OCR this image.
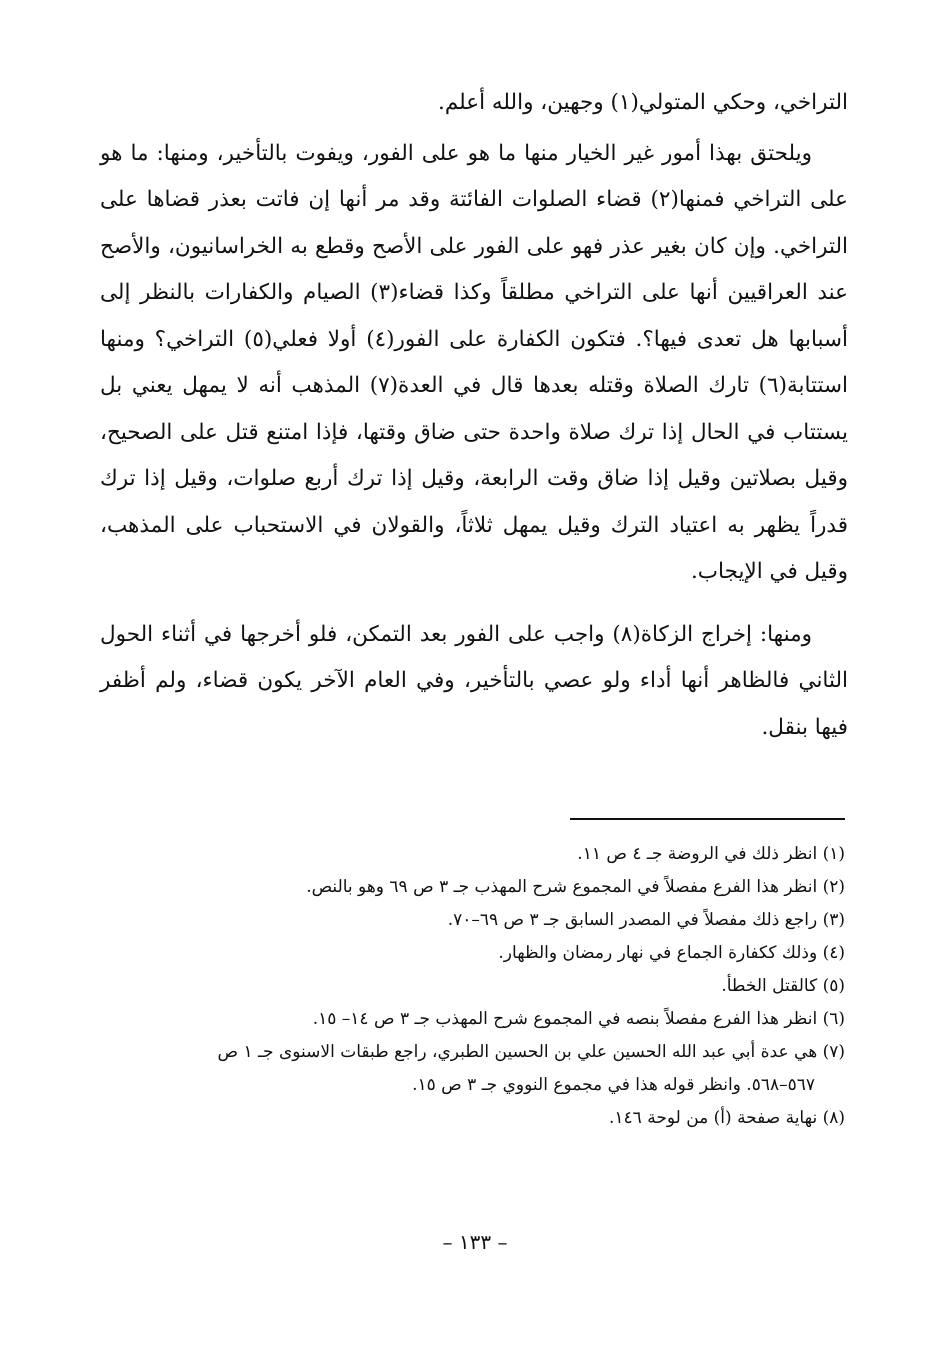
التراخي، وحكي المتولي(١) وجهين، والله أعلم.

ويلحتق بهذا أمور غير الخيار منها ما هو على الفور، ويفوت بالتأخير، ومنها: ما هو على التراخي فمنها(٢) قضاء الصلوات الفائتة وقد مر أنها إن فاتت بعذر قضاها على التراخي. وإن كان بغير عذر فهو على الفور على الأصح وقطع به الخراسانيون، والأصح عند العراقيين أنها على التراخي مطلقاً وكذا قضاء(٣) الصيام والكفارات بالنظر إلى أسبابها هل تعدى فيها؟. فتكون الكفارة على الفور(٤) أولا فعلي(٥) التراخي؟ ومنها استتابة(٦) تارك الصلاة وقتله بعدها قال في العدة(٧) المذهب أنه لا يمهل يعني بل يستتاب في الحال إذا ترك صلاة واحدة حتى ضاق وقتها، فإذا امتنع قتل على الصحيح، وقيل بصلاتين وقيل إذا ضاق وقت الرابعة، وقيل إذا ترك أربع صلوات، وقيل إذا ترك قدراً يظهر به اعتياد الترك وقيل يمهل ثلاثاً، والقولان في الاستحباب على المذهب، وقيل في الإيجاب.

ومنها: إخراج الزكاة(٨) واجب على الفور بعد التمكن، فلو أخرجها في أثناء الحول الثاني فالظاهر أنها أداء ولو عصي بالتأخير، وفي العام الآخر يكون قضاء، ولم أظفر فيها بنقل.

(١) انظر ذلك في الروضة جـ ٤ ص ١١.

(٢) انظر هذا الفرع مفصلاً في المجموع شرح المهذب جـ ٣ ص ٦٩ وهو بالنص.

(٣) راجع ذلك مفصلاً في المصدر السابق جـ ٣ ص ٦٩–٧٠.

(٤) وذلك ككفارة الجماع في نهار رمضان والظهار.

(٥) كالقتل الخطأ.

(٦) انظر هذا الفرع مفصلاً بنصه في المجموع شرح المهذب جـ ٣ ص ١٤– ١٥.

(٧) هي عدة أبي عبد الله الحسين علي بن الحسين الطبري، راجع طبقات الاسنوى جـ ١ ص

٥٦٧–٥٦٨. وانظر قوله هذا في مجموع النووي جـ ٣ ص ١٥.

(٨) نهاية صفحة (أ) من لوحة ١٤٦.

– ١٣٣ –
